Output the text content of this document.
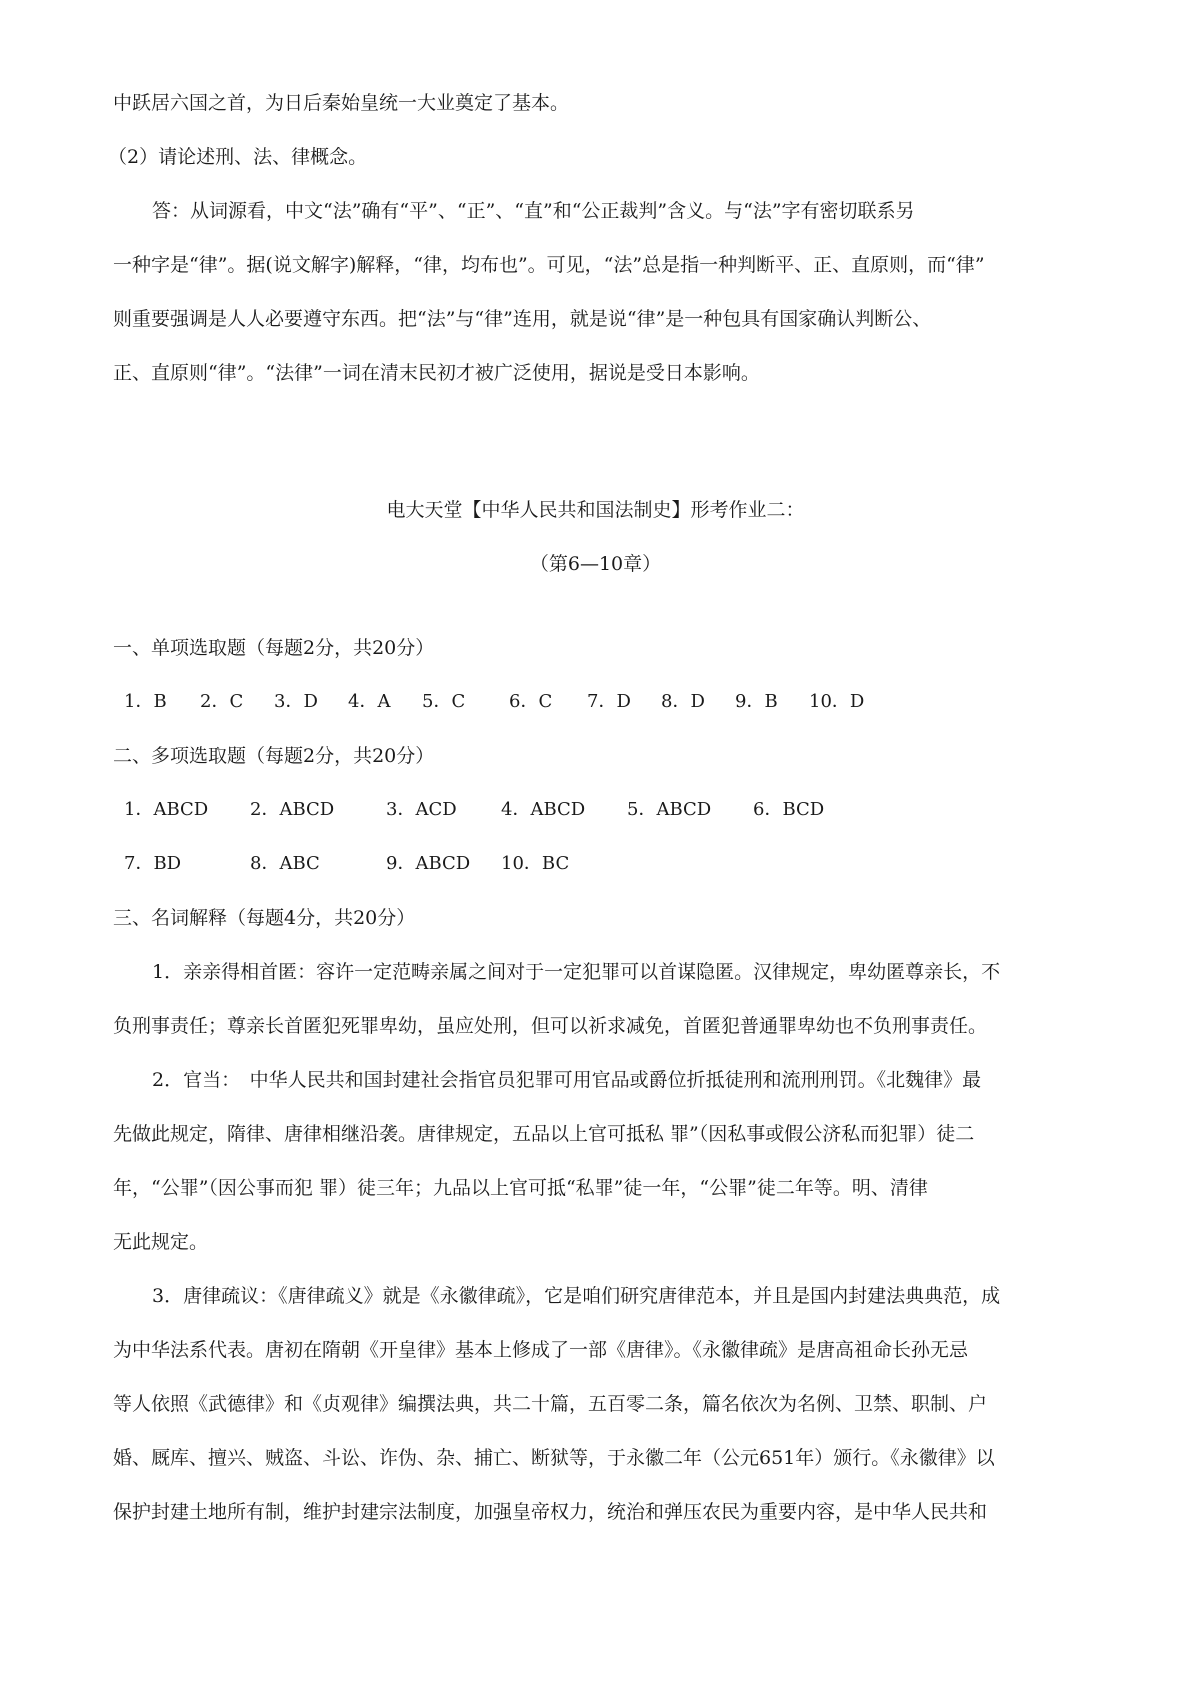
中跃居六国之首，为日后秦始皇统一大业奠定了基本。
（2）请论述刑、法、律概念。
答：从词源看，中文“法”确有“平”、“正”、“直”和“公正裁判”含义。与“法”字有密切联系另
一种字是“律”。据(说文解字)解释，“律，均布也”。可见，“法”总是指一种判断平、正、直原则，而“律”
则重要强调是人人必要遵守东西。把“法”与“律”连用，就是说“律”是一种包具有国家确认判断公、
正、直原则“律”。“法律”一词在清末民初才被广泛使用，据说是受日本影响。
电大天堂【中华人民共和国法制史】形考作业二：
（第6—10章）
一、单项选取题（每题2分，共20分）
1．B 2．C 3．D 4．A 5．C 6．C 7．D 8．D 9．B 10．D
二、多项选取题（每题2分，共20分）
1．ABCD 2．ABCD	3．ACD 4．ABCD 5．ABCD 6．BCD
7．BD	8．ABC	9．ABCD 10．BC
三、名词解释（每题4分，共20分）
1．亲亲得相首匿：容许一定范畴亲属之间对于一定犯罪可以首谋隐匿。汉律规定，卑幼匿尊亲长，不
负刑事责任；尊亲长首匿犯死罪卑幼，虽应处刑，但可以祈求减免，首匿犯普通罪卑幼也不负刑事责任。
2．官当：　中华人民共和国封建社会指官员犯罪可用官品或爵位折抵徒刑和流刑刑罚。《北魏律》最
先做此规定，隋律、唐律相继沿袭。唐律规定，五品以上官可抵私 罪”（因私事或假公济私而犯罪）徒二
年，“公罪”（因公事而犯 罪）徒三年；九品以上官可抵“私罪”徒一年，“公罪”徒二年等。明、清律
无此规定。
3．唐律疏议：《唐律疏义》就是《永徽律疏》，它是咱们研究唐律范本，并且是国内封建法典典范，成
为中华法系代表。唐初在隋朝《开皇律》基本上修成了一部《唐律》。《永徽律疏》是唐高祖命长孙无忌
等人依照《武德律》和《贞观律》编撰法典，共二十篇，五百零二条，篇名依次为名例、卫禁、职制、户
婚、厩库、擅兴、贼盗、斗讼、诈伪、杂、捕亡、断狱等，于永徽二年（公元651年）颁行。《永徽律》以
保护封建土地所有制，维护封建宗法制度，加强皇帝权力，统治和弹压农民为重要内容，是中华人民共和
